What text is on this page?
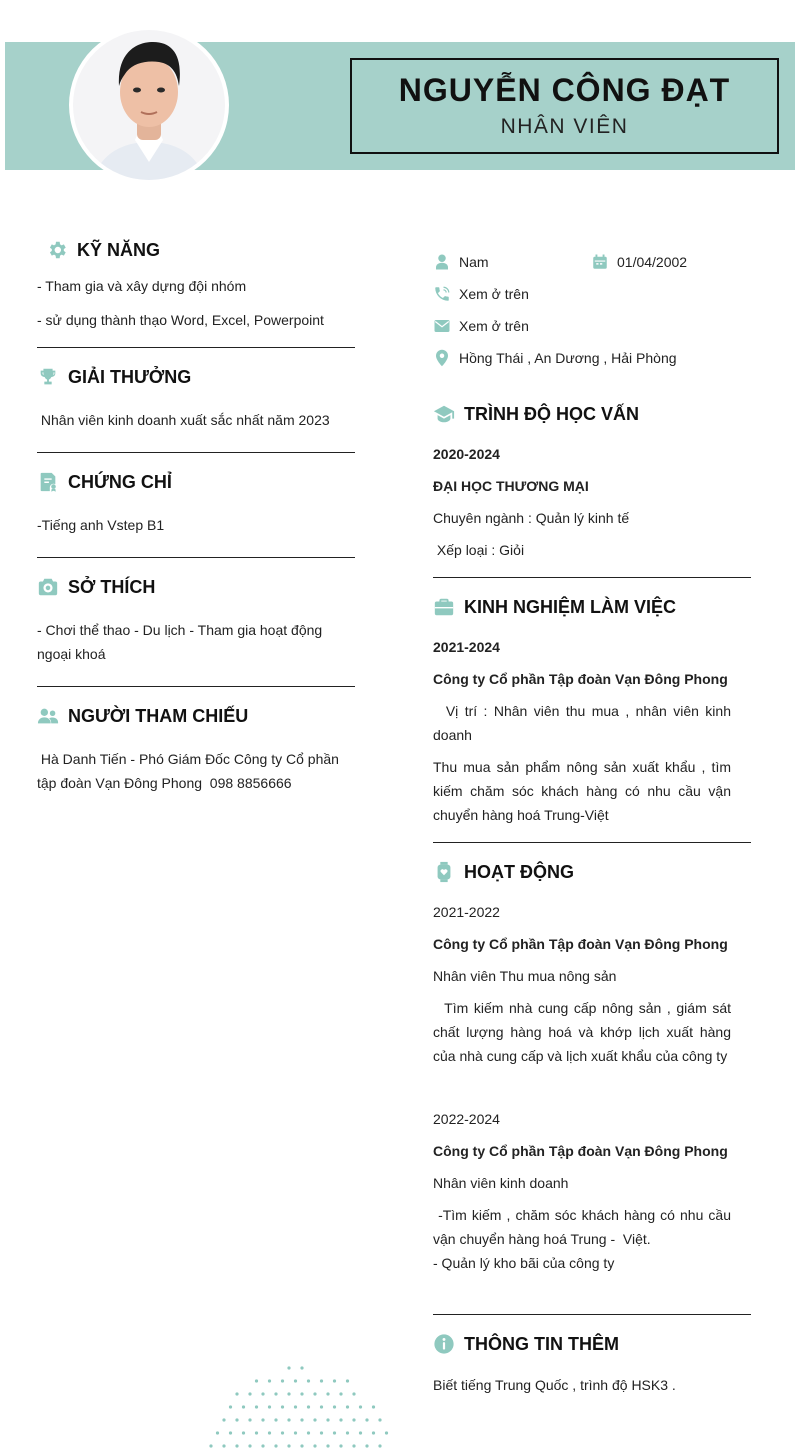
NGUYỄN CÔNG ĐẠT
NHÂN VIÊN
KỸ NĂNG
- Tham gia và xây dựng đội nhóm
- sử dụng thành thạo Word, Excel, Powerpoint
GIẢI THƯỞNG
Nhân viên kinh doanh xuất sắc nhất năm 2023
CHỨNG CHỈ
-Tiếng anh Vstep B1
SỞ THÍCH
- Chơi thể thao - Du lịch - Tham gia hoạt động ngoại khoá
NGƯỜI THAM CHIẾU
Hà Danh Tiến - Phó Giám Đốc Công ty Cổ phần tập đoàn Vạn Đông Phong  098 8856666
Nam	01/04/2002
Xem ở trên
Xem ở trên
Hồng Thái , An Dương , Hải Phòng
TRÌNH ĐỘ HỌC VẤN
2020-2024
ĐẠI HỌC THƯƠNG MẠI
Chuyên ngành : Quản lý kinh tế
Xếp loại : Giỏi
KINH NGHIỆM LÀM VIỆC
2021-2024
Công ty Cổ phần Tập đoàn Vạn Đông Phong
Vị trí : Nhân viên thu mua , nhân viên kinh doanh
Thu mua sản phẩm nông sản xuất khẩu , tìm kiếm chăm sóc khách hàng có nhu cầu vận chuyển hàng hoá Trung-Việt
HOẠT ĐỘNG
2021-2022
Công ty Cổ phần Tập đoàn Vạn Đông Phong
Nhân viên Thu mua nông sản
Tìm kiếm nhà cung cấp nông sản , giám sát chất lượng hàng hoá và khớp lịch xuất hàng của nhà cung cấp và lịch xuất khẩu của công ty
2022-2024
Công ty Cổ phần Tập đoàn Vạn Đông Phong
Nhân viên kinh doanh
-Tìm kiếm , chăm sóc khách hàng có nhu cầu vận chuyển hàng hoá Trung -  Việt.
- Quản lý kho bãi của công ty
THÔNG TIN THÊM
Biết tiếng Trung Quốc , trình độ HSK3 .
